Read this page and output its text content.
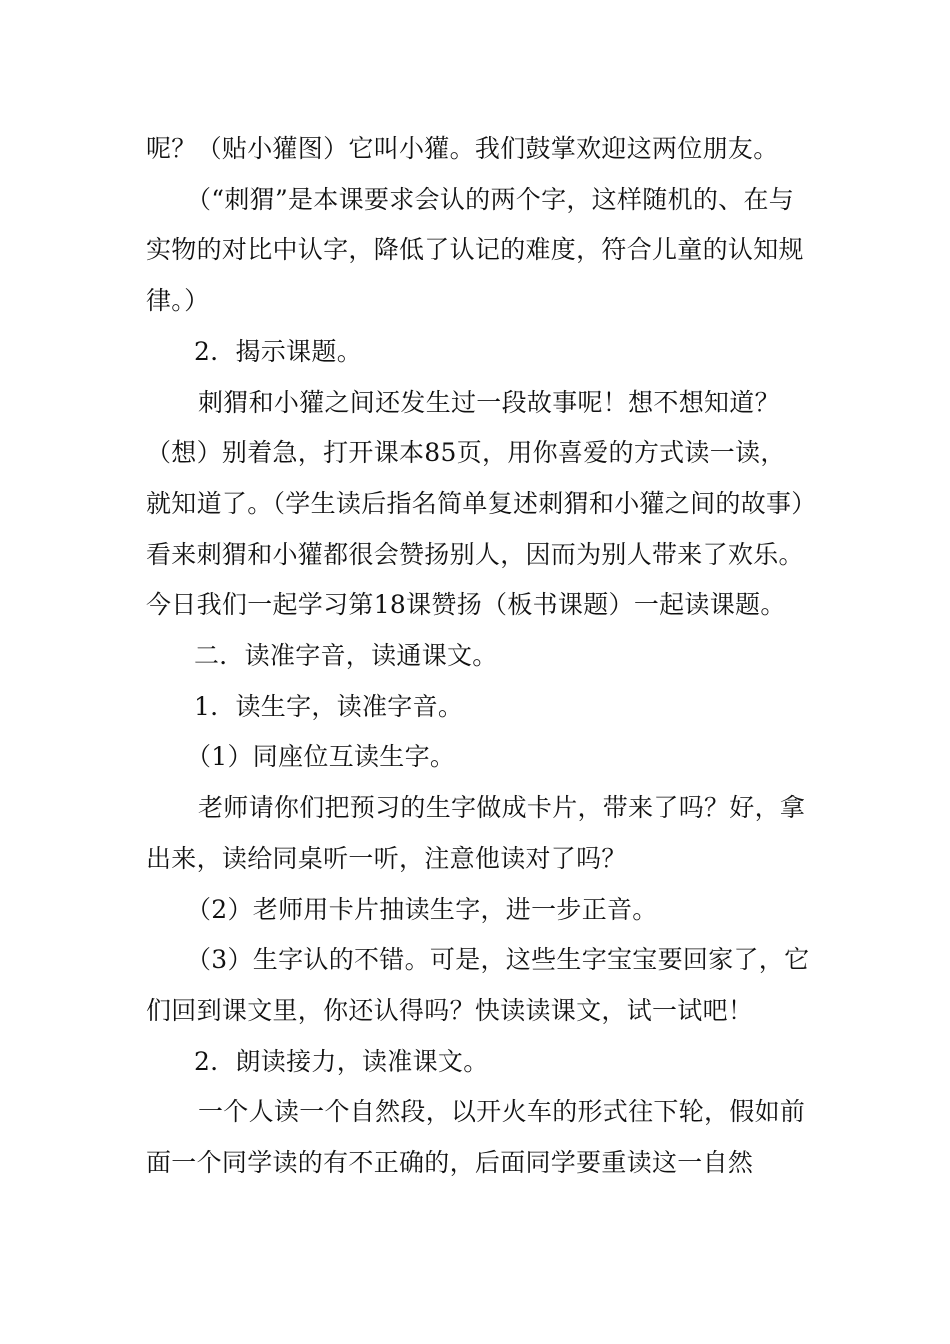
呢？（贴小獾图）它叫小獾。我们鼓掌欢迎这两位朋友。

（“刺猬”是本课要求会认的两个字，这样随机的、在与实物的对比中认字，降低了认记的难度，符合儿童的认知规律。）

2．揭示课题。

刺猬和小獾之间还发生过一段故事呢！想不想知道？（想）别着急，打开课本85页，用你喜爱的方式读一读，就知道了。（学生读后指名简单复述刺猬和小獾之间的故事）看来刺猬和小獾都很会赞扬别人，因而为别人带来了欢乐。今日我们一起学习第18课赞扬（板书课题）一起读课题。

二．读准字音，读通课文。

1．读生字，读准字音。

（1）同座位互读生字。

老师请你们把预习的生字做成卡片，带来了吗？好，拿出来，读给同桌听一听，注意他读对了吗？

（2）老师用卡片抽读生字，进一步正音。

（3）生字认的不错。可是，这些生字宝宝要回家了，它们回到课文里，你还认得吗？快读读课文，试一试吧！

2．朗读接力，读准课文。

一个人读一个自然段，以开火车的形式往下轮，假如前面一个同学读的有不正确的，后面同学要重读这一自然
